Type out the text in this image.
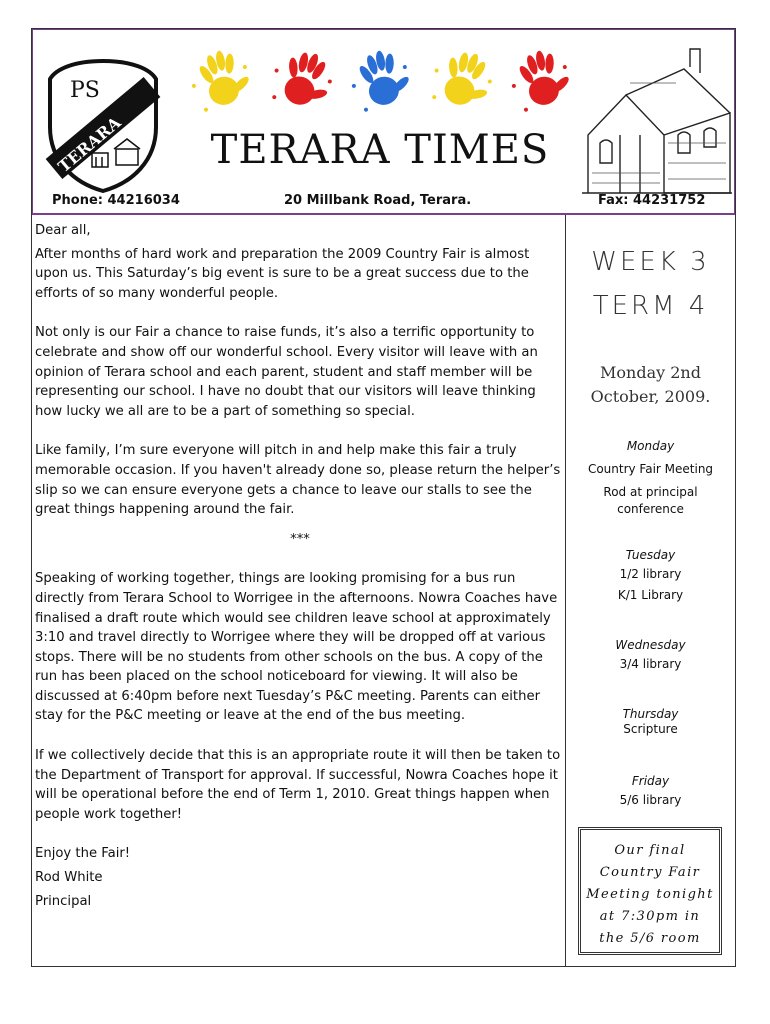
PS
TERARA	TERARA TIMES
Phone: 44216034	20 Millbank Road, Terara.	Fax: 44231752

Dear all,

After months of hard work and preparation the 2009 Country Fair is almost upon us. This Saturday’s big event is sure to be a great success due to the efforts of so many wonderful people.

Not only is our Fair a chance to raise funds, it’s also a terrific opportunity to celebrate and show off our wonderful school. Every visitor will leave with an opinion of Terara school and each parent, student and staff member will be representing our school. I have no doubt that our visitors will leave thinking how lucky we all are to be a part of something so special.

Like family, I’m sure everyone will pitch in and help make this fair a truly memorable occasion. If you haven't already done so, please return the helper’s slip so we can ensure everyone gets a chance to leave our stalls to see the great things happening around the fair.

***

Speaking of working together, things are looking promising for a bus run directly from Terara School to Worrigee in the afternoons. Nowra Coaches have finalised a draft route which would see children leave school at approximately 3:10 and travel directly to Worrigee where they will be dropped off at various stops. There will be no students from other schools on the bus. A copy of the run has been placed on the school noticeboard for viewing. It will also be discussed at 6:40pm before next Tuesday’s P&C meeting. Parents can either stay for the P&C meeting or leave at the end of the bus meeting.

If we collectively decide that this is an appropriate route it will then be taken to the Department of Transport for approval. If successful, Nowra Coaches hope it will be operational before the end of Term 1, 2010. Great things happen when people work together!

Enjoy the Fair!

Rod White

Principal

WEEK 3
TERM 4
Monday 2nd October, 2009.
Monday
Country Fair Meeting
Rod at principal conference
Tuesday
1/2 library
K/1 Library
Wednesday
3/4 library
Thursday
Scripture
Friday
5/6 library
Our final Country Fair Meeting tonight at 7:30pm in the 5/6 room
